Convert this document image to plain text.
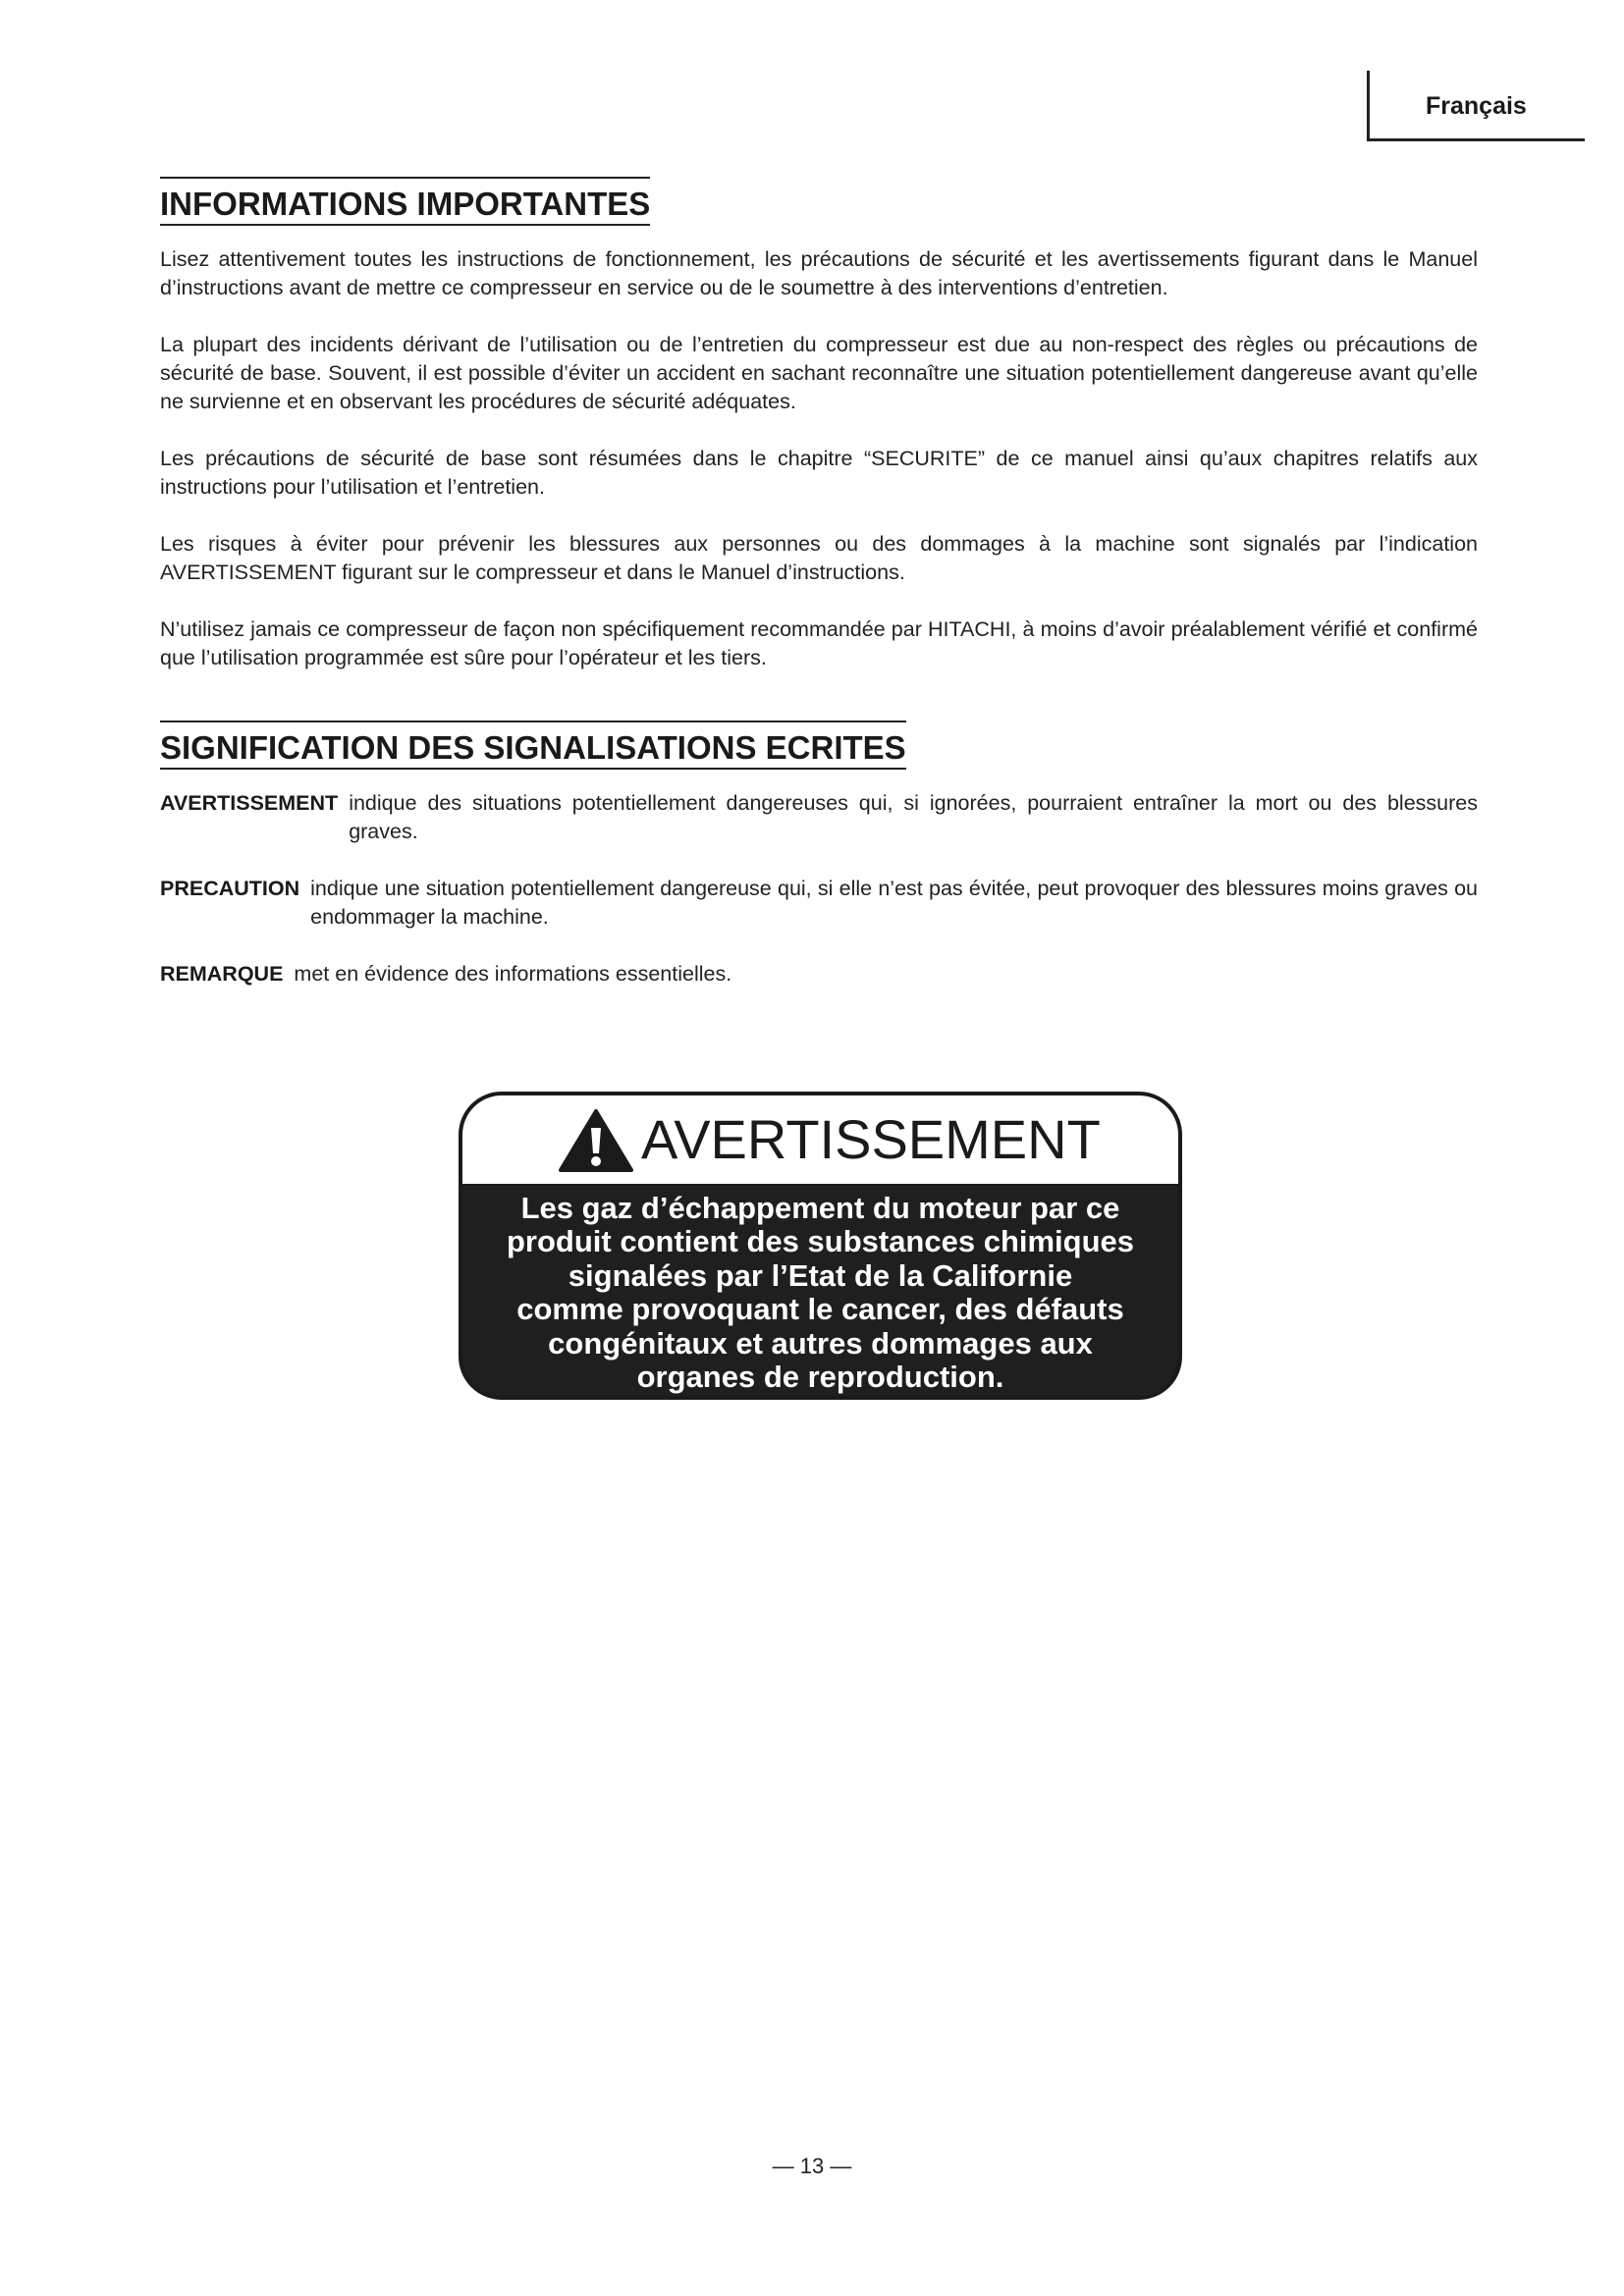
Français
INFORMATIONS IMPORTANTES

Lisez attentivement toutes les instructions de fonctionnement, les précautions de sécurité et les avertissements figurant dans le Manuel d’instructions avant de mettre ce compresseur en service ou de le soumettre à des interventions d’entretien.

La plupart des incidents dérivant de l’utilisation ou de l’entretien du compresseur est due au non-respect des règles ou précautions de sécurité de base. Souvent, il est possible d’éviter un accident en sachant reconnaître une situation potentiellement dangereuse avant qu’elle ne survienne et en observant les procédures de sécurité adéquates.

Les précautions de sécurité de base sont résumées dans le chapitre “SECURITE” de ce manuel ainsi qu’aux chapitres relatifs aux instructions pour l’utilisation et l’entretien.

Les risques à éviter pour prévenir les blessures aux personnes ou des dommages à la machine sont signalés par l’indication AVERTISSEMENT figurant sur le compresseur et dans le Manuel d’instructions.

N’utilisez jamais ce compresseur de façon non spécifiquement recommandée par HITACHI, à moins d’avoir préalablement vérifié et confirmé que l’utilisation programmée est sûre pour l’opérateur et les tiers.

SIGNIFICATION DES SIGNALISATIONS ECRITES
AVERTISSEMENT indique des situations potentiellement dangereuses qui, si ignorées, pourraient entraîner la mort ou des blessures graves.
PRECAUTION indique une situation potentiellement dangereuse qui, si elle n’est pas évitée, peut provoquer des blessures moins graves ou endommager la machine.
REMARQUE met en évidence des informations essentielles.
AVERTISSEMENT

Les gaz d’échappement du moteur par ce
produit contient des substances chimiques
signalées par l’Etat de la Californie
comme provoquant le cancer, des défauts
congénitaux et autres dommages aux
organes de reproduction.

— 13 —
